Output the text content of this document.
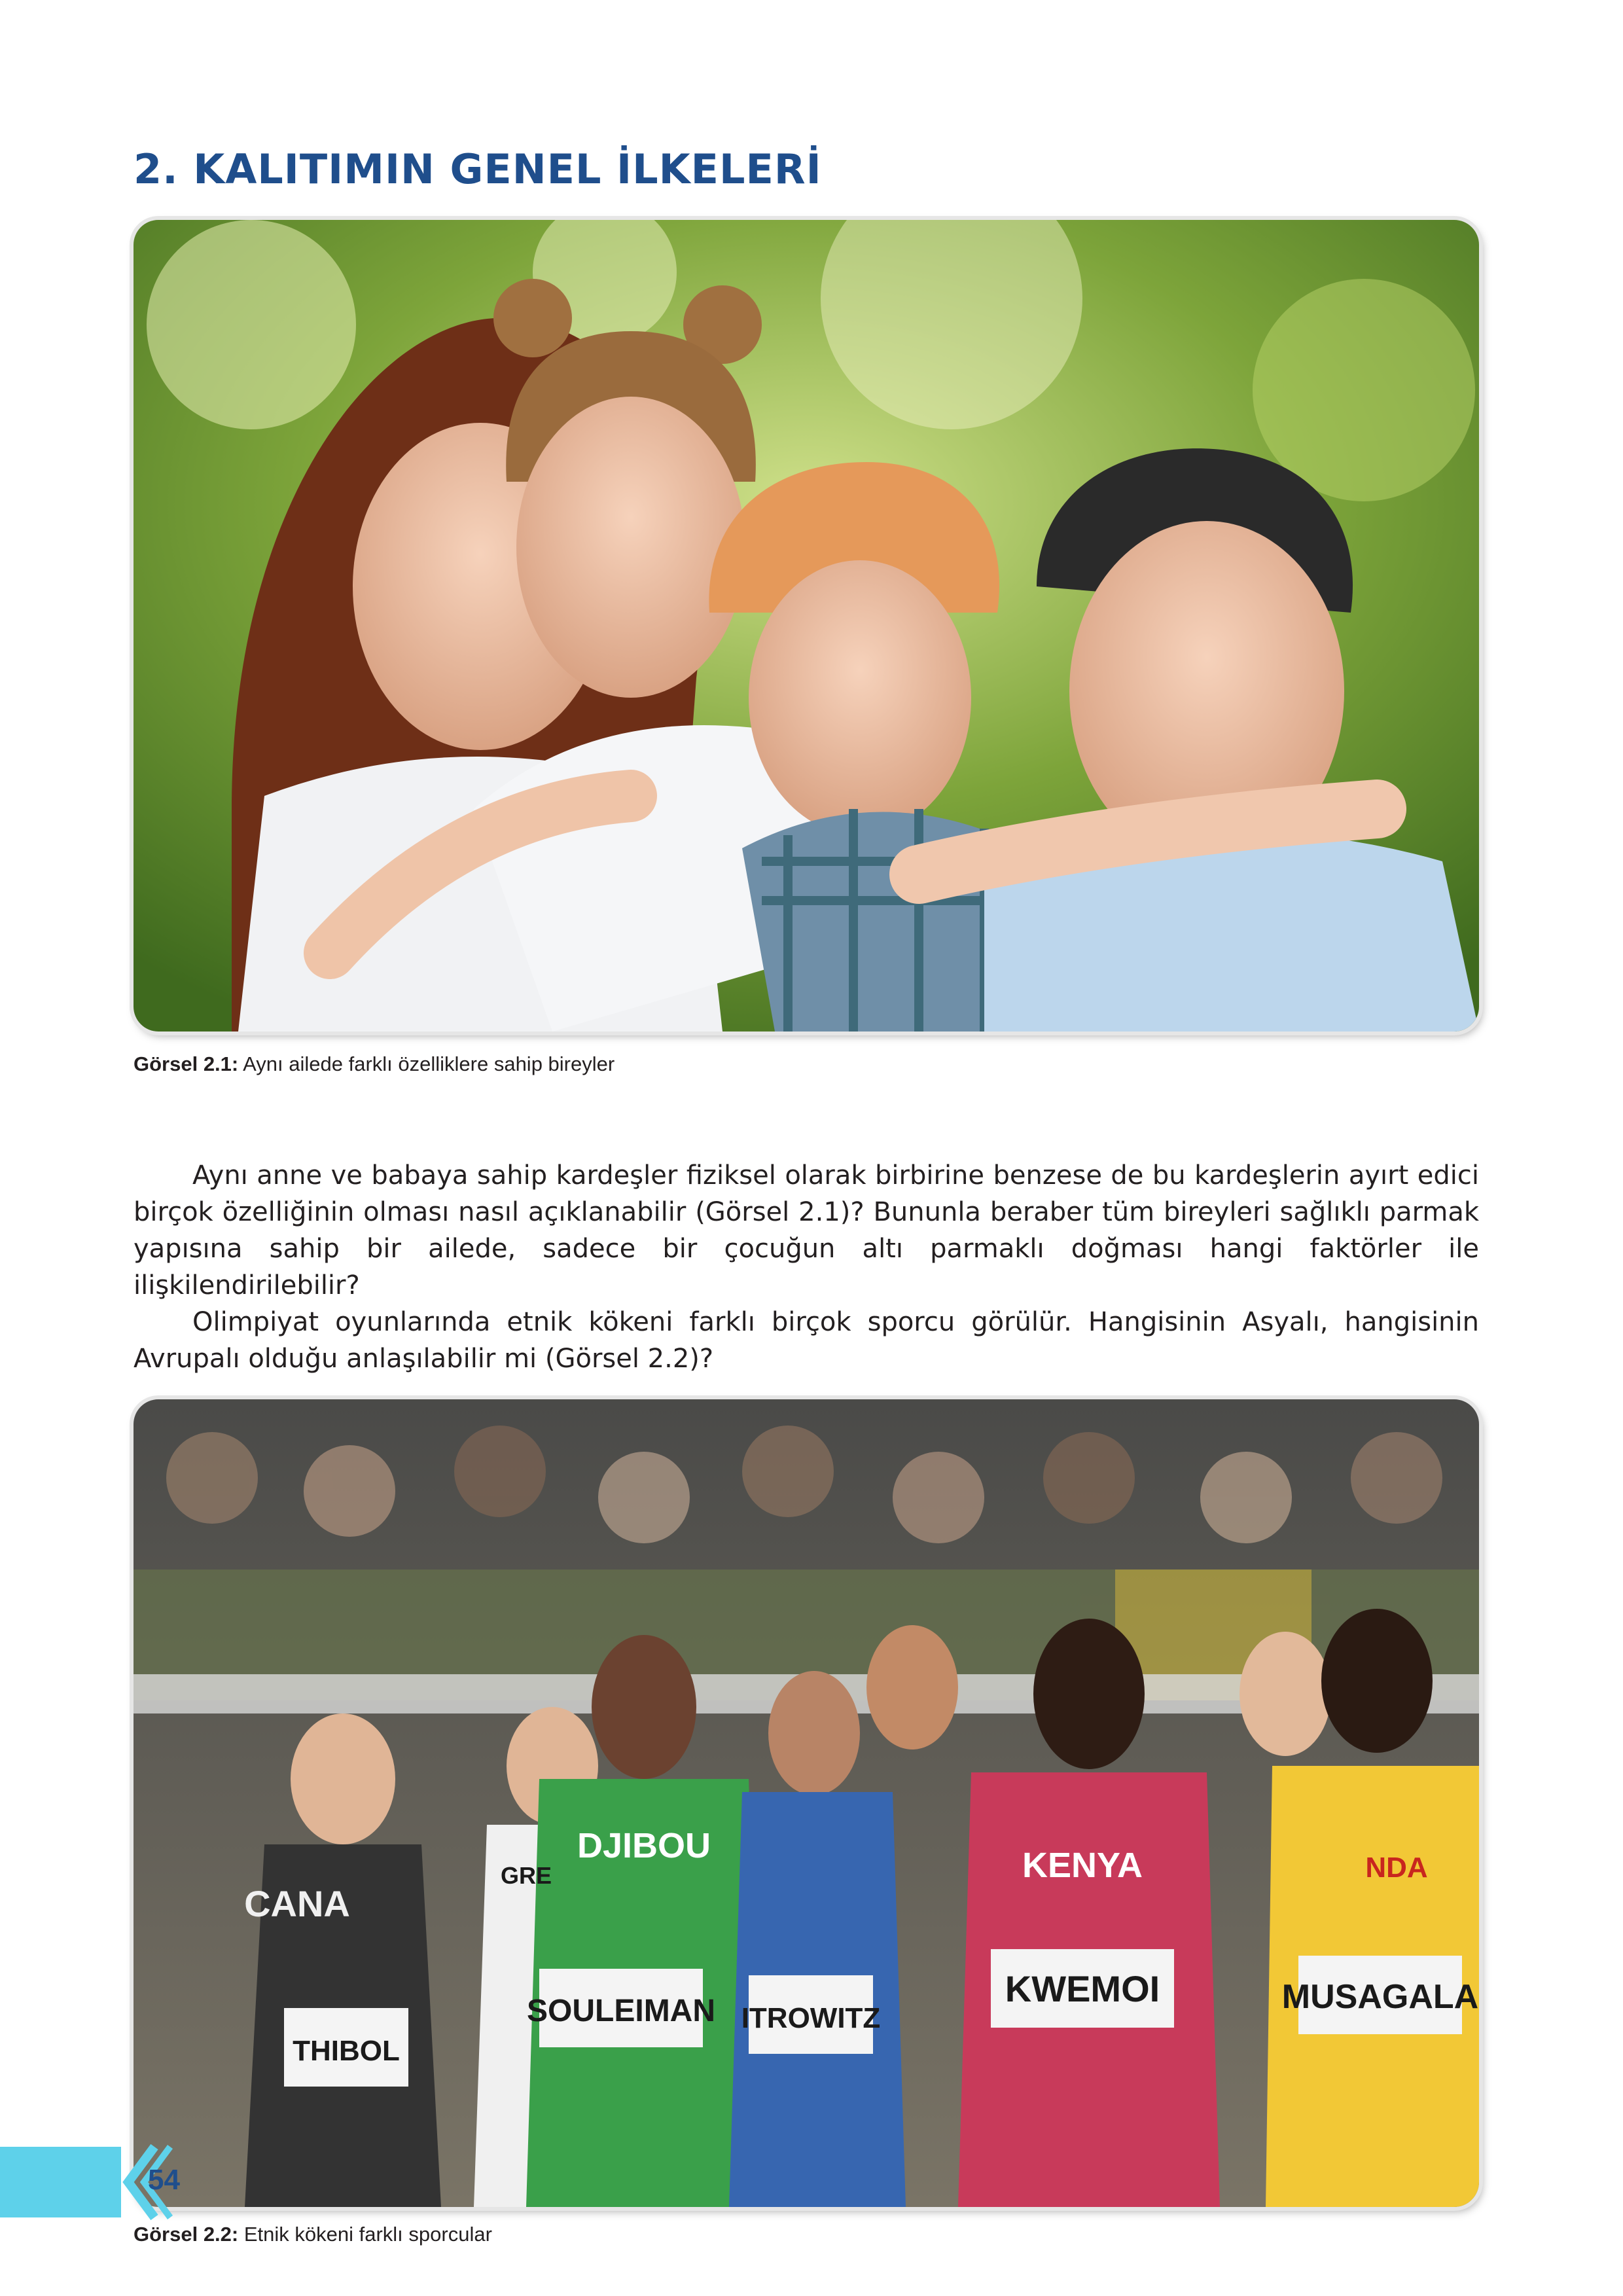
2. KALITIMIN GENEL İLKELERİ
Görsel 2.1: Aynı ailede farklı özelliklere sahip bireyler

Aynı anne ve babaya sahip kardeşler fiziksel olarak birbirine benzese de bu kardeşlerin ayırt edici birçok özelliğinin olması nasıl açıklanabilir (Görsel 2.1)? Bununla beraber tüm bireyleri sağlıklı parmak yapısına sahip bir ailede, sadece bir çocuğun altı parmaklı doğması hangi faktörler ile ilişkilendirilebilir?

Olimpiyat oyunlarında etnik kökeni farklı birçok sporcu görülür. Hangisinin Asyalı, hangisinin Avrupalı olduğu anlaşılabilir mi (Görsel 2.2)?

CANA
THIBOL
GRE
DJIBOU
SOULEIMAN ITROWITZ
KWEMOI
KENYA
MUSAGALA
NDA
Görsel 2.2: Etnik kökeni farklı sporcular
54
